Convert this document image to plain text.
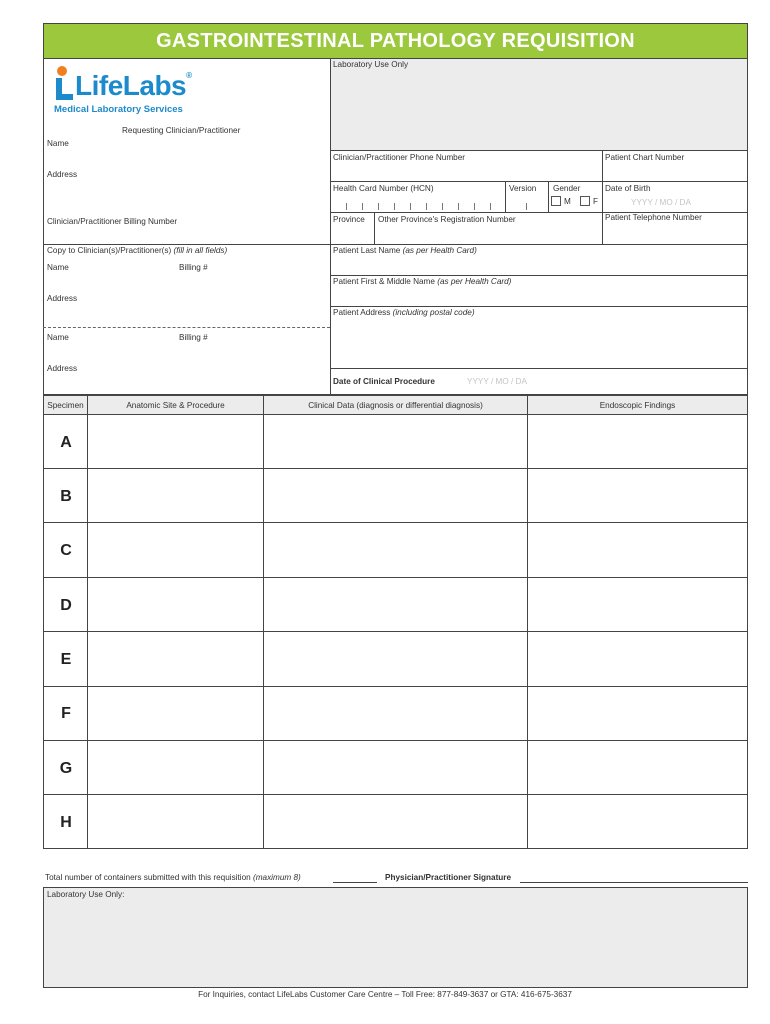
GASTROINTESTINAL PATHOLOGY REQUISITION
LifeLabs®
Medical Laboratory Services
Requesting Clinician/Practitioner
Name
Address
Clinician/Practitioner Billing Number
Laboratory Use Only
Clinician/Practitioner Phone Number	Patient Chart Number
Health Card Number (HCN)	Version Gender
M	F
Date of Birth
YYYY / MO / DA
Province Other Province's Registration Number	Patient Telephone Number
Copy to Clinician(s)/Practitioner(s) (fill in all fields)
Name	Billing #
Address
Name	Billing #
Address
Patient Last Name (as per Health Card)
Patient First & Middle Name (as per Health Card)
Patient Address (including postal code)
Date of Clinical Procedure	YYYY / MO / DA
Specimen	Anatomic Site & Procedure	Clinical Data (diagnosis or differential diagnosis)	Endoscopic Findings
A
B
C
D
E
F
G
H
Total number of containers submitted with this requisition (maximum 8)	Physician/Practitioner Signature
Laboratory Use Only:
For Inquiries, contact LifeLabs Customer Care Centre – Toll Free: 877-849-3637 or GTA: 416-675-3637
